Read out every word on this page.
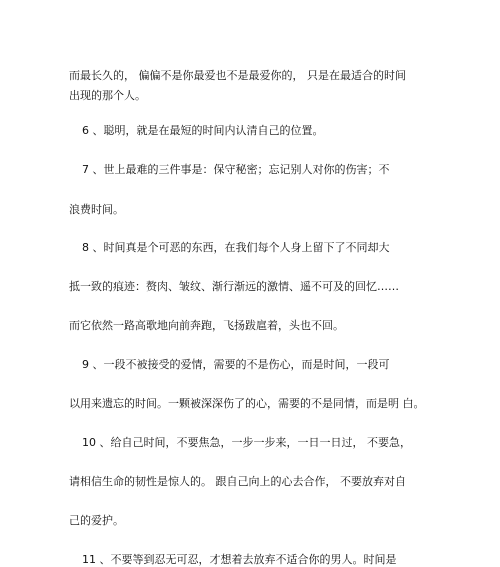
而最长久的， 偏偏不是你最爱也不是最爱你的， 只是在最适合的时间
出现的那个人。
6 、聪明，就是在最短的时间内认清自己的位置。
7 、世上最难的三件事是：保守秘密；忘记别人对你的伤害；不
浪费时间。
8 、时间真是个可恶的东西，在我们每个人身上留下了不同却大
抵一致的痕迹：赘肉、皱纹、渐行渐远的激情、遥不可及的回忆……
而它依然一路高歌地向前奔跑，飞扬跋扈着，头也不回。
9 、一段不被接受的爱情，需要的不是伤心，而是时间，一段可
以用来遗忘的时间。一颗被深深伤了的心，需要的不是同情，而是明 白。
10 、给自己时间，不要焦急，一步一步来，一日一日过， 不要急，
请相信生命的韧性是惊人的。 跟自己向上的心去合作， 不要放弃对自
己的爱护。
11 、不要等到忍无可忍，才想着去放弃不适合你的男人。时间是
